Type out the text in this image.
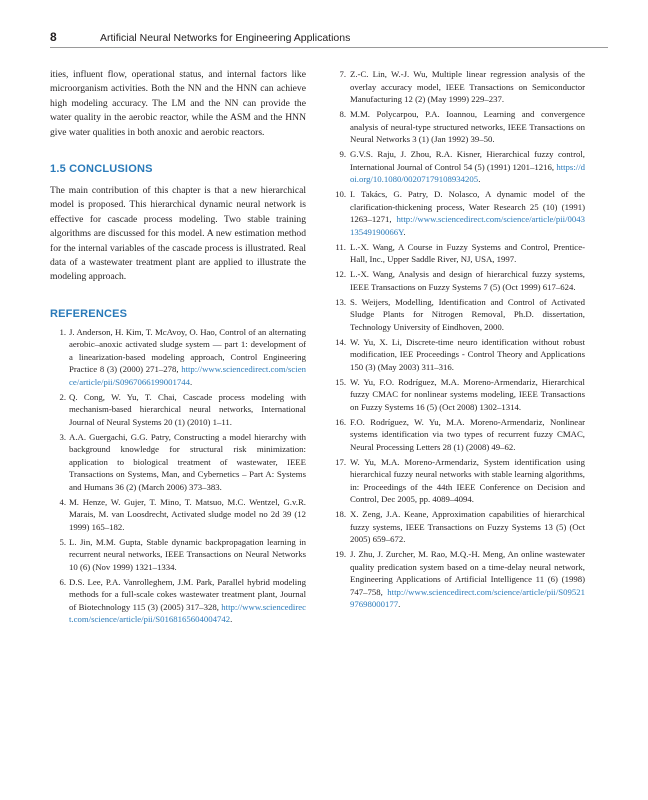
8	Artificial Neural Networks for Engineering Applications

ities, influent flow, operational status, and internal factors like microorganism activities. Both the NN and the HNN can achieve high modeling accuracy. The LM and the NN can provide the water quality in the aerobic reactor, while the ASM and the HNN give water qualities in both anoxic and aerobic reactors.

1.5 CONCLUSIONS

The main contribution of this chapter is that a new hierarchical model is proposed. This hierarchical dynamic neural network is effective for cascade process modeling. Two stable training algorithms are discussed for this model. A new estimation method for the internal variables of the cascade process is illustrated. Real data of a wastewater treatment plant are applied to illustrate the modeling approach.

REFERENCES
1. J. Anderson, H. Kim, T. McAvoy, O. Hao, Control of an alternating aerobic–anoxic activated sludge system — part 1: development of a linearization-based modeling approach, Control Engineering Practice 8 (3) (2000) 271–278, http://www.sciencedirect.com/science/article/pii/S0967066199001744.
2. Q. Cong, W. Yu, T. Chai, Cascade process modeling with mechanism-based hierarchical neural networks, International Journal of Neural Systems 20 (1) (2010) 1–11.
3. A.A. Guergachi, G.G. Patry, Constructing a model hierarchy with background knowledge for structural risk minimization: application to biological treatment of wastewater, IEEE Transactions on Systems, Man, and Cybernetics – Part A: Systems and Humans 36 (2) (March 2006) 373–383.
4. M. Henze, W. Gujer, T. Mino, T. Matsuo, M.C. Wentzel, G.v.R. Marais, M. van Loosdrecht, Activated sludge model no 2d 39 (12 1999) 165–182.
5. L. Jin, M.M. Gupta, Stable dynamic backpropagation learning in recurrent neural networks, IEEE Transactions on Neural Networks 10 (6) (Nov 1999) 1321–1334.
6. D.S. Lee, P.A. Vanrolleghem, J.M. Park, Parallel hybrid modeling methods for a full-scale cokes wastewater treatment plant, Journal of Biotechnology 115 (3) (2005) 317–328, http://www.sciencedirect.com/science/article/pii/S0168165604004742.
7. Z.-C. Lin, W.-J. Wu, Multiple linear regression analysis of the overlay accuracy model, IEEE Transactions on Semiconductor Manufacturing 12 (2) (May 1999) 229–237.
8. M.M. Polycarpou, P.A. Ioannou, Learning and convergence analysis of neural-type structured networks, IEEE Transactions on Neural Networks 3 (1) (Jan 1992) 39–50.
9. G.V.S. Raju, J. Zhou, R.A. Kisner, Hierarchical fuzzy control, International Journal of Control 54 (5) (1991) 1201–1216, https://doi.org/10.1080/00207179108934205.
10. I. Takács, G. Patry, D. Nolasco, A dynamic model of the clarification-thickening process, Water Research 25 (10) (1991) 1263–1271, http://www.sciencedirect.com/science/article/pii/004313549190066Y.
11. L.-X. Wang, A Course in Fuzzy Systems and Control, Prentice-Hall, Inc., Upper Saddle River, NJ, USA, 1997.
12. L.-X. Wang, Analysis and design of hierarchical fuzzy systems, IEEE Transactions on Fuzzy Systems 7 (5) (Oct 1999) 617–624.
13. S. Weijers, Modelling, Identification and Control of Activated Sludge Plants for Nitrogen Removal, Ph.D. dissertation, Technology University of Eindhoven, 2000.
14. W. Yu, X. Li, Discrete-time neuro identification without robust modification, IEE Proceedings - Control Theory and Applications 150 (3) (May 2003) 311–316.
15. W. Yu, F.O. Rodríguez, M.A. Moreno-Armendariz, Hierarchical fuzzy CMAC for nonlinear systems modeling, IEEE Transactions on Fuzzy Systems 16 (5) (Oct 2008) 1302–1314.
16. F.O. Rodríguez, W. Yu, M.A. Moreno-Armendariz, Nonlinear systems identification via two types of recurrent fuzzy CMAC, Neural Processing Letters 28 (1) (2008) 49–62.
17. W. Yu, M.A. Moreno-Armendariz, System identification using hierarchical fuzzy neural networks with stable learning algorithms, in: Proceedings of the 44th IEEE Conference on Decision and Control, Dec 2005, pp. 4089–4094.
18. X. Zeng, J.A. Keane, Approximation capabilities of hierarchical fuzzy systems, IEEE Transactions on Fuzzy Systems 13 (5) (Oct 2005) 659–672.
19. J. Zhu, J. Zurcher, M. Rao, M.Q.-H. Meng, An online wastewater quality predication system based on a time-delay neural network, Engineering Applications of Artificial Intelligence 11 (6) (1998) 747–758, http://www.sciencedirect.com/science/article/pii/S0952197698000177.
